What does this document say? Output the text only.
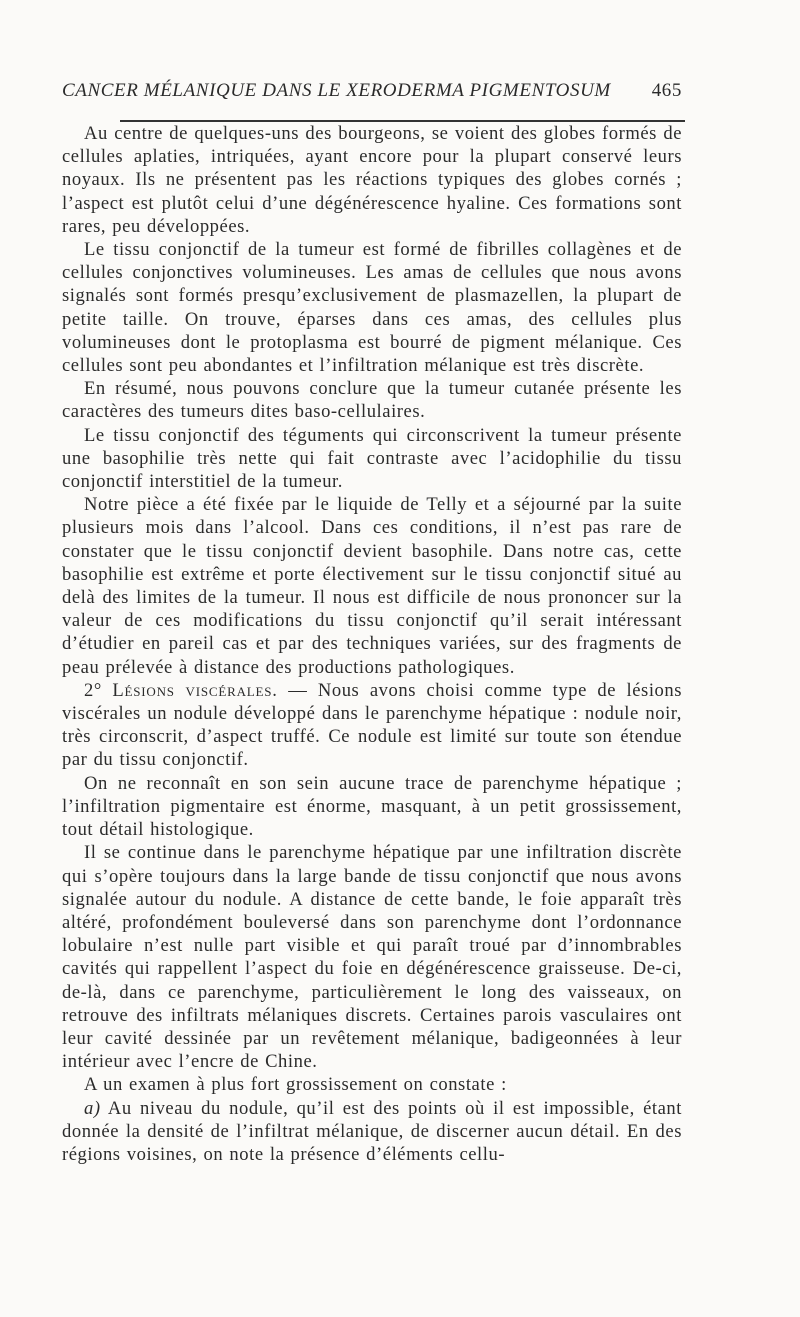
CANCER MÉLANIQUE DANS LE XERODERMA PIGMENTOSUM 465

Au centre de quelques-uns des bourgeons, se voient des globes formés de cellules aplaties, intriquées, ayant encore pour la plupart conservé leurs noyaux. Ils ne présentent pas les réactions typiques des globes cornés ; l’aspect est plutôt celui d’une dégénérescence hyaline. Ces formations sont rares, peu développées.

Le tissu conjonctif de la tumeur est formé de fibrilles collagènes et de cellules conjonctives volumineuses. Les amas de cellules que nous avons signalés sont formés presqu’exclusivement de plasmazellen, la plupart de petite taille. On trouve, éparses dans ces amas, des cellules plus volumineuses dont le protoplasma est bourré de pigment mélanique. Ces cellules sont peu abondantes et l’infiltration mélanique est très discrète.

En résumé, nous pouvons conclure que la tumeur cutanée présente les caractères des tumeurs dites baso-cellulaires.

Le tissu conjonctif des téguments qui circonscrivent la tumeur présente une basophilie très nette qui fait contraste avec l’acidophilie du tissu conjonctif interstitiel de la tumeur.

Notre pièce a été fixée par le liquide de Telly et a séjourné par la suite plusieurs mois dans l’alcool. Dans ces conditions, il n’est pas rare de constater que le tissu conjonctif devient basophile. Dans notre cas, cette basophilie est extrême et porte électivement sur le tissu conjonctif situé au delà des limites de la tumeur. Il nous est difficile de nous prononcer sur la valeur de ces modifications du tissu conjonctif qu’il serait intéressant d’étudier en pareil cas et par des techniques variées, sur des fragments de peau prélevée à distance des productions pathologiques.

2° Lésions viscérales. — Nous avons choisi comme type de lésions viscérales un nodule développé dans le parenchyme hépatique : nodule noir, très circonscrit, d’aspect truffé. Ce nodule est limité sur toute son étendue par du tissu conjonctif.

On ne reconnaît en son sein aucune trace de parenchyme hépatique ; l’infiltration pigmentaire est énorme, masquant, à un petit grossissement, tout détail histologique.

Il se continue dans le parenchyme hépatique par une infiltration discrète qui s’opère toujours dans la large bande de tissu conjonctif que nous avons signalée autour du nodule. A distance de cette bande, le foie apparaît très altéré, profondément bouleversé dans son parenchyme dont l’ordonnance lobulaire n’est nulle part visible et qui paraît troué par d’innombrables cavités qui rappellent l’aspect du foie en dégénérescence graisseuse. De-ci, de-là, dans ce parenchyme, particulièrement le long des vaisseaux, on retrouve des infiltrats mélaniques discrets. Certaines parois vasculaires ont leur cavité dessinée par un revêtement mélanique, badigeonnées à leur intérieur avec l’encre de Chine.

A un examen à plus fort grossissement on constate :

a) Au niveau du nodule, qu’il est des points où il est impossible, étant donnée la densité de l’infiltrat mélanique, de discerner aucun détail. En des régions voisines, on note la présence d’éléments cellu-
